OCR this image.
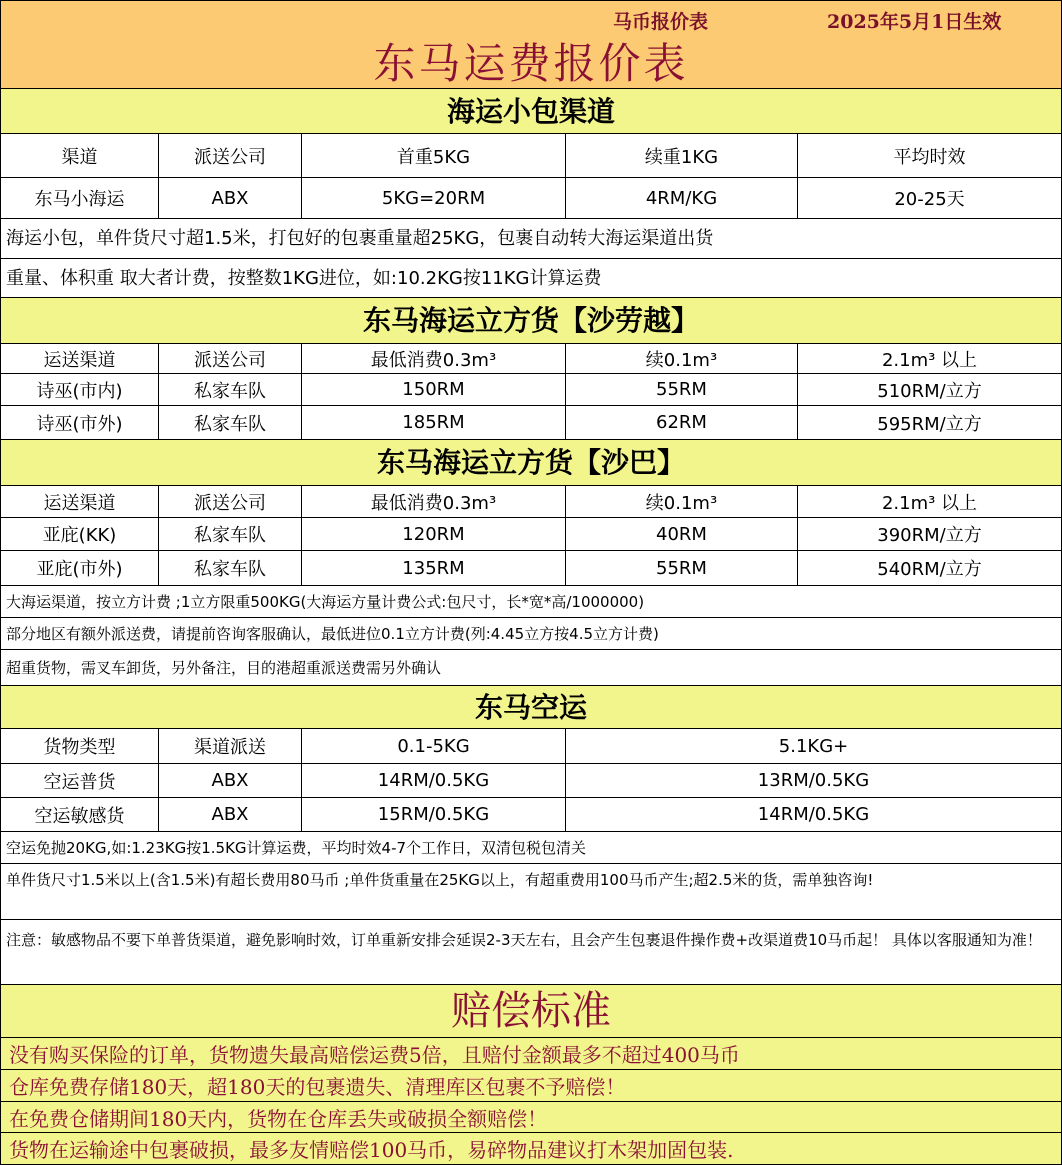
马币报价表	2025年5月1日生效
东马运费报价表
海运小包渠道
渠道	派送公司	首重5KG	续重1KG	平均时效
东马小海运	ABX	5KG=20RM	4RM/KG	20-25天
海运小包，单件货尺寸超1.5米，打包好的包裹重量超25KG，包裹自动转大海运渠道出货
重量、体积重 取大者计费，按整数1KG进位，如:10.2KG按11KG计算运费
东马海运立方货【沙劳越】
运送渠道	派送公司	最低消费0.3m³	续0.1m³	2.1m³ 以上
诗巫(市内)	私家车队	150RM	55RM	510RM/立方
诗巫(市外)	私家车队	185RM	62RM	595RM/立方
东马海运立方货【沙巴】
运送渠道	派送公司	最低消费0.3m³	续0.1m³	2.1m³ 以上
亚庇(KK)	私家车队	120RM	40RM	390RM/立方
亚庇(市外)	私家车队	135RM	55RM	540RM/立方
大海运渠道，按立方计费 ;1立方限重500KG(大海运方量计费公式:包尺寸，长*宽*高/1000000)
部分地区有额外派送费，请提前咨询客服确认，最低进位0.1立方计费(列:4.45立方按4.5立方计费)
超重货物，需叉车卸货，另外备注，目的港超重派送费需另外确认
东马空运
货物类型	渠道派送	0.1-5KG	5.1KG+
空运普货	ABX	14RM/0.5KG	13RM/0.5KG
空运敏感货	ABX	15RM/0.5KG	14RM/0.5KG
空运免抛20KG,如:1.23KG按1.5KG计算运费，平均时效4-7个工作日，双清包税包清关
单件货尺寸1.5米以上(含1.5米)有超长费用80马币 ;单件货重量在25KG以上，有超重费用100马币产生;超2.5米的货，需单独咨询!
注意：敏感物品不要下单普货渠道，避免影响时效，订单重新安排会延误2-3天左右，且会产生包裹退件操作费+改渠道费10马币起！ 具体以客服通知为准！
赔偿标准
没有购买保险的订单，货物遗失最高赔偿运费5倍，且赔付金额最多不超过400马币
仓库免费存储180天，超180天的包裹遗失、清理库区包裹不予赔偿！
在免费仓储期间180天内，货物在仓库丢失或破损全额赔偿！
货物在运输途中包裹破损，最多友情赔偿100马币，易碎物品建议打木架加固包装.
